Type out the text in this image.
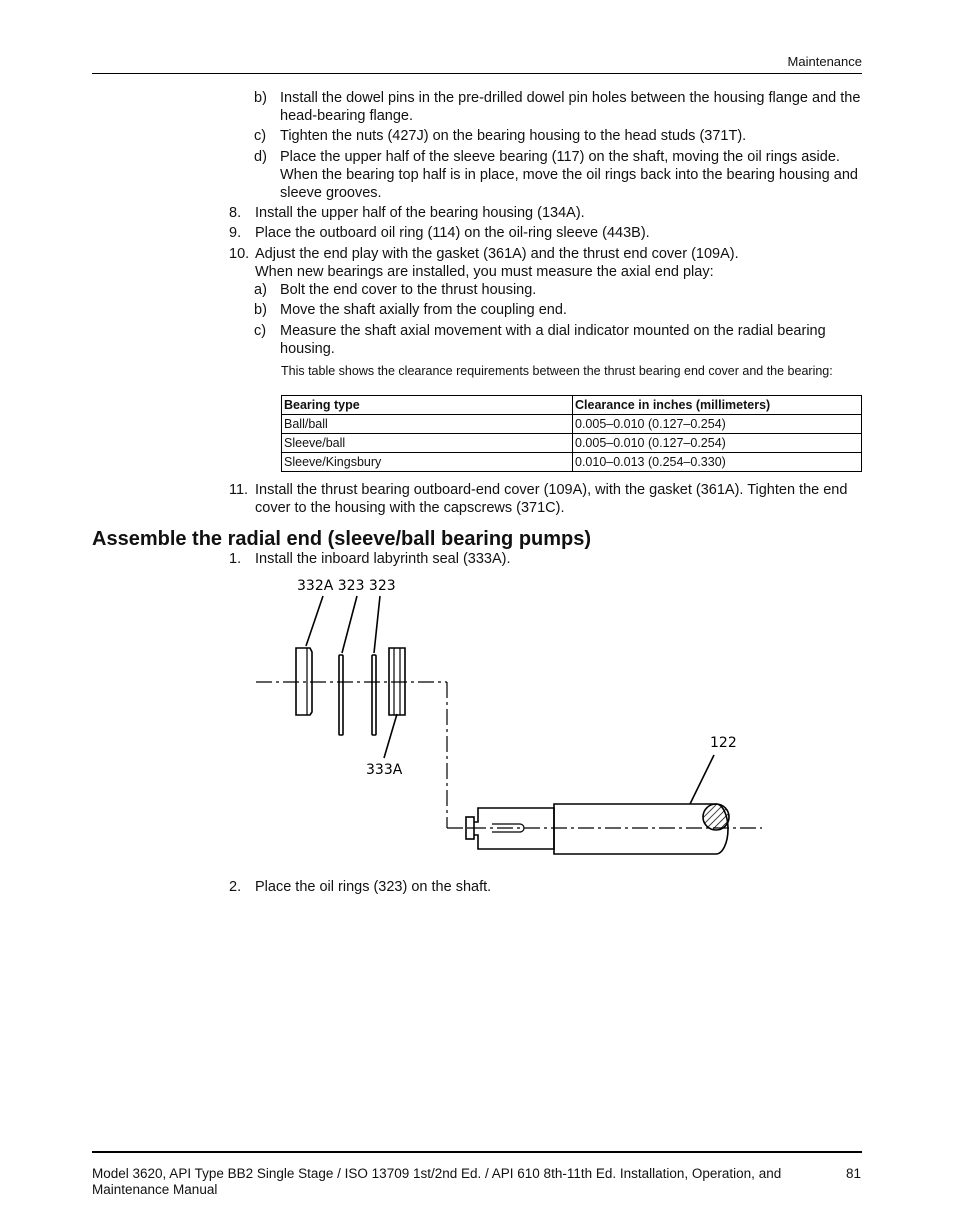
Maintenance
b) Install the dowel pins in the pre-drilled dowel pin holes between the housing flange and the head-bearing flange.
c) Tighten the nuts (427J) on the bearing housing to the head studs (371T).
d) Place the upper half of the sleeve bearing (117) on the shaft, moving the oil rings aside. When the bearing top half is in place, move the oil rings back into the bearing housing and sleeve grooves.
8. Install the upper half of the bearing housing (134A).
9. Place the outboard oil ring (114) on the oil-ring sleeve (443B).
10. Adjust the end play with the gasket (361A) and the thrust end cover (109A).
When new bearings are installed, you must measure the axial end play:
a) Bolt the end cover to the thrust housing.
b) Move the shaft axially from the coupling end.
c) Measure the shaft axial movement with a dial indicator mounted on the radial bearing housing.
This table shows the clearance requirements between the thrust bearing end cover and the bearing:
Bearing type	Clearance in inches (millimeters)
Ball/ball	0.005–0.010 (0.127–0.254)
Sleeve/ball	0.005–0.010 (0.127–0.254)
Sleeve/Kingsbury	0.010–0.013 (0.254–0.330)
11. Install the thrust bearing outboard-end cover (109A), with the gasket (361A). Tighten the end cover to the housing with the capscrews (371C).
Assemble the radial end (sleeve/ball bearing pumps)
1. Install the inboard labyrinth seal (333A).
332A 323 323
333A
122
2. Place the oil rings (323) on the shaft.
Model 3620, API Type BB2 Single Stage / ISO 13709 1st/2nd Ed. / API 610 8th-11th Ed. Installation, Operation, and
Maintenance Manual
81
